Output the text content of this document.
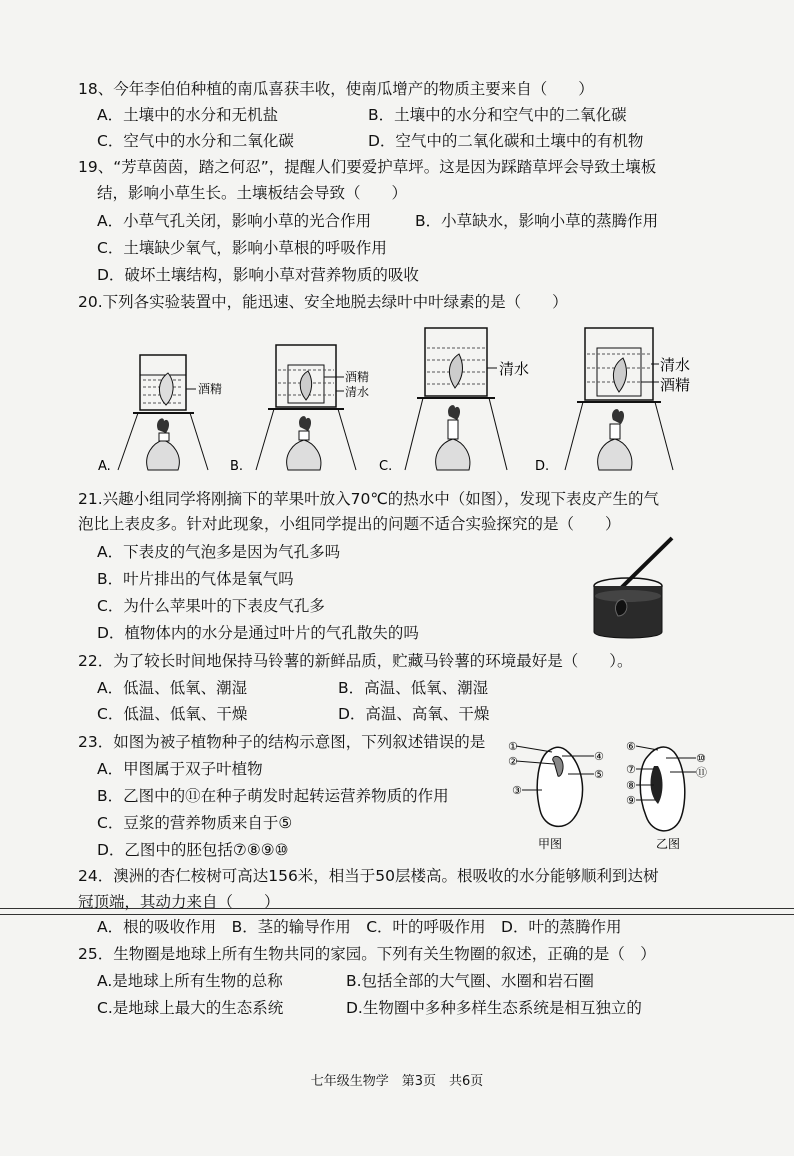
18、今年李伯伯种植的南瓜喜获丰收，使南瓜增产的物质主要来自（　　）
A．土壤中的水分和无机盐	B．土壤中的水分和空气中的二氧化碳
C．空气中的水分和二氧化碳	D．空气中的二氧化碳和土壤中的有机物
19、“芳草茵茵，踏之何忍”，提醒人们要爱护草坪。这是因为踩踏草坪会导致土壤板
结，影响小草生长。土壤板结会导致（　　）
A．小草气孔关闭，影响小草的光合作用	B．小草缺水，影响小草的蒸腾作用
C．土壤缺少氧气，影响小草根的呼吸作用
D．破坏土壤结构，影响小草对营养物质的吸收
20.下列各实验装置中，能迅速、安全地脱去绿叶中叶绿素的是（　　）
A.
酒精
B.
酒精
清水
C.
清水
D.
清水
酒精
21.兴趣小组同学将刚摘下的苹果叶放入70℃的热水中（如图），发现下表皮产生的气
泡比上表皮多。针对此现象，小组同学提出的问题不适合实验探究的是（　　）
A．下表皮的气泡多是因为气孔多吗
B．叶片排出的气体是氧气吗
C．为什么苹果叶的下表皮气孔多
D．植物体内的水分是通过叶片的气孔散失的吗
22．为了较长时间地保持马铃薯的新鲜品质，贮藏马铃薯的环境最好是（　　）。
A．低温、低氧、潮湿	B．高温、低氧、潮湿
C．低温、低氧、干燥	D．高温、高氧、干燥
23．如图为被子植物种子的结构示意图，下列叙述错误的是
A．甲图属于双子叶植物
B．乙图中的⑪在种子萌发时起转运营养物质的作用
C．豆浆的营养物质来自于⑤
D．乙图中的胚包括⑦⑧⑨⑩
①
②
③
④
⑤
甲图
⑥
⑦
⑧
⑨
⑩
⑪
乙图
24．澳洲的杏仁桉树可高达156米，相当于50层楼高。根吸收的水分能够顺利到达树
冠顶端，其动力来自（　　）
A．根的吸收作用　B．茎的输导作用　C．叶的呼吸作用　D．叶的蒸腾作用
25．生物圈是地球上所有生物共同的家园。下列有关生物圈的叙述，正确的是（　）
A.是地球上所有生物的总称	B.包括全部的大气圈、水圈和岩石圈
C.是地球上最大的生态系统	D.生物圈中多种多样生态系统是相互独立的
七年级生物学　第3页　共6页
